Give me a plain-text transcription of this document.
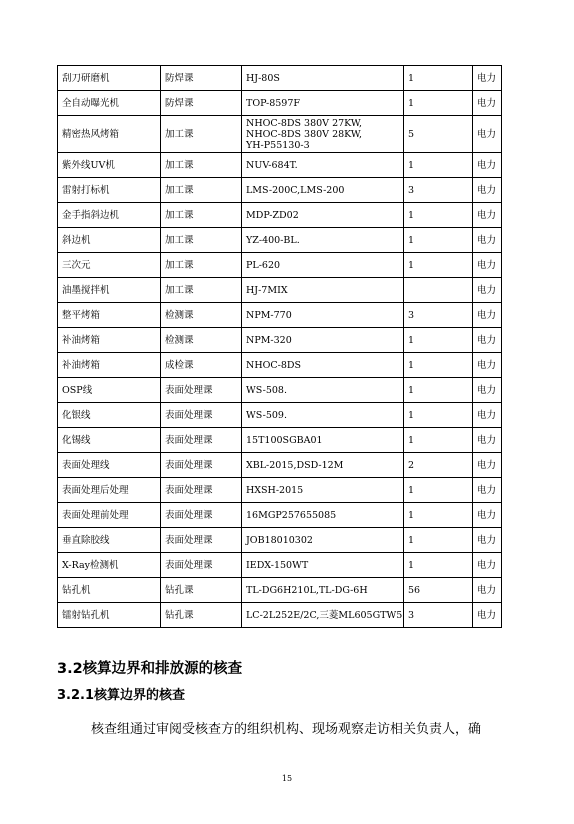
刮刀研磨机	防焊课	HJ-80S	1	电力
全自动曝光机	防焊课	TOP-8597F	1	电力
精密热风烤箱	加工课	NHOC-8DS 380V 27KW,
NHOC-8DS 380V 28KW,
YH-P55130-3	5	电力
紫外线UV机	加工课	NUV-684T.	1	电力
雷射打标机	加工课	LMS-200C,LMS-200	3	电力
金手指斜边机	加工课	MDP-ZD02	1	电力
斜边机	加工课	YZ-400-BL.	1	电力
三次元	加工课	PL-620	1	电力
油墨搅拌机	加工课	HJ-7MIX		电力
整平烤箱	检测课	NPM-770	3	电力
补油烤箱	检测课	NPM-320	1	电力
补油烤箱	成检课	NHOC-8DS	1	电力
OSP线	表面处理课	WS-508.	1	电力
化银线	表面处理课	WS-509.	1	电力
化锡线	表面处理课	15T100SGBA01	1	电力
表面处理线	表面处理课	XBL-2015,DSD-12M	2	电力
表面处理后处理	表面处理课	HXSH-2015	1	电力
表面处理前处理	表面处理课	16MGP257655085	1	电力
垂直除胶线	表面处理课	JOB18010302	1	电力
X-Ray检测机	表面处理课	IEDX-150WT	1	电力
钻孔机	钻孔课	TL-DG6H210L,TL-DG-6H	56	电力
镭射钻孔机	钻孔课	LC-2L252E/2C,三菱ML605GTW5	3	电力
3.2核算边界和排放源的核查
3.2.1核算边界的核查
核查组通过审阅受核查方的组织机构、现场观察走访相关负责人，确
15
